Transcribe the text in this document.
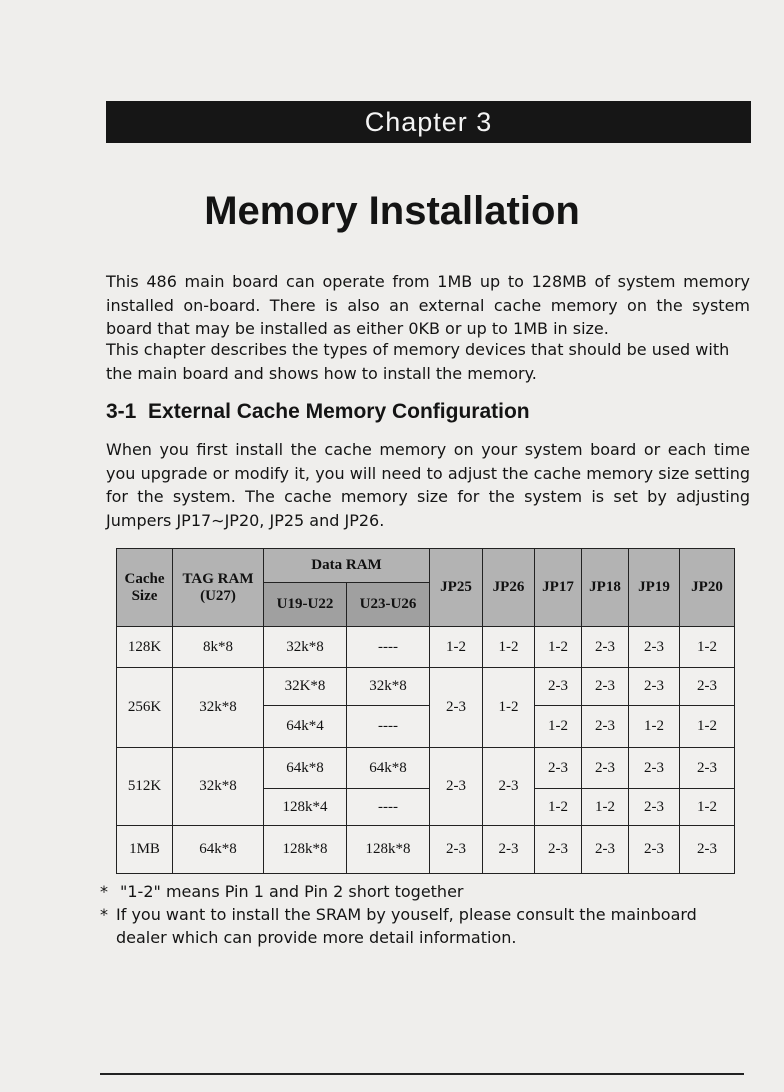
Chapter 3
Memory Installation

This 486 main board can operate from 1MB up to 128MB of system memory installed on-board. There is also an external cache memory on the system board that may be installed as either 0KB or up to 1MB in size.

This chapter describes the types of memory devices that should be used with the main board and shows how to install the memory.

3-1 External Cache Memory Configuration

When you first install the cache memory on your system board or each time you upgrade or modify it, you will need to adjust the cache memory size setting for the system. The cache memory size for the system is set by adjusting Jumpers JP17∼JP20, JP25 and JP26.

Cache Size	TAG RAM (U27)	Data RAM		JP25	JP26	JP17	JP18	JP19	JP20
		U19-U22	U23-U26						
128K	8k*8	32k*8	----	1-2	1-2	1-2	2-3	2-3	1-2
256K	32k*8	32K*8	32k*8	2-3	1-2	2-3	2-3	2-3	2-3
		64k*4	----			1-2	2-3	1-2	1-2
512K	32k*8	64k*8	64k*8	2-3	2-3	2-3	2-3	2-3	2-3
		128k*4	----			1-2	1-2	2-3	1-2
1MB	64k*8	128k*8	128k*8	2-3	2-3	2-3	2-3	2-3	2-3
* "1-2" means Pin 1 and Pin 2 short together
* If you want to install the SRAM by youself, please consult the mainboard dealer which can provide more detail information.
